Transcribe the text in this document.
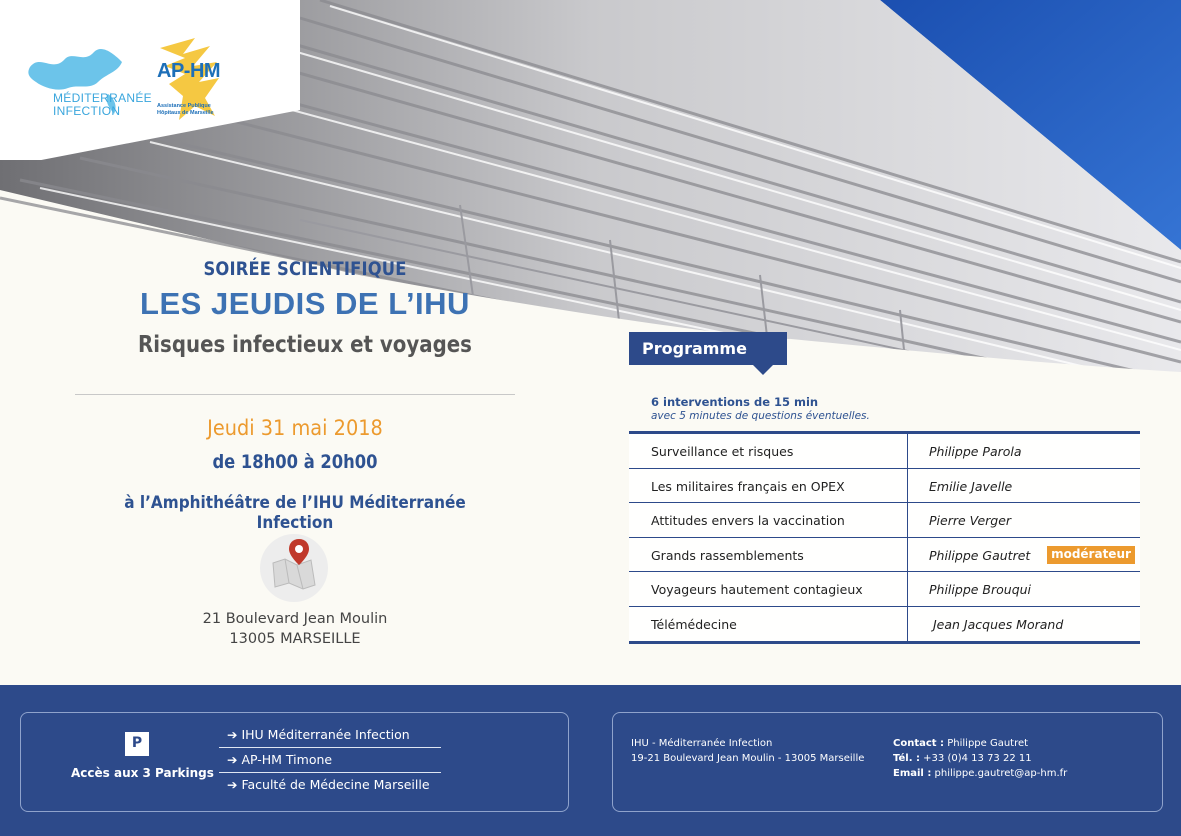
MÉDITERRANÉE
INFECTION
AP-HM
Assistance Publique Hôpitaux de Marseille
SOIRÉE SCIENTIFIQUE
LES JEUDIS DE L’IHU
Risques infectieux et voyages
Jeudi 31 mai 2018
de 18h00 à 20h00
à l’Amphithéâtre de l’IHU Méditerranée Infection
21 Boulevard Jean Moulin
13005 MARSEILLE
Programme
6 interventions de 15 min
avec 5 minutes de questions éventuelles.
Surveillance et risques	Philippe Parola
Les militaires français en OPEX	Emilie Javelle
Attitudes envers la vaccination	Pierre Verger
Grands rassemblements	Philippe Gautret	modérateur
Voyageurs hautement contagieux	Philippe Brouqui
Télémédecine	Jean Jacques Morand
P
Accès aux 3 Parkings
➔ IHU Méditerranée Infection
➔ AP-HM Timone
➔ Faculté de Médecine Marseille
IHU - Méditerranée Infection
19-21 Boulevard Jean Moulin - 13005 Marseille
Contact : Philippe Gautret
Tél. : +33 (0)4 13 73 22 11
Email : philippe.gautret@ap-hm.fr
